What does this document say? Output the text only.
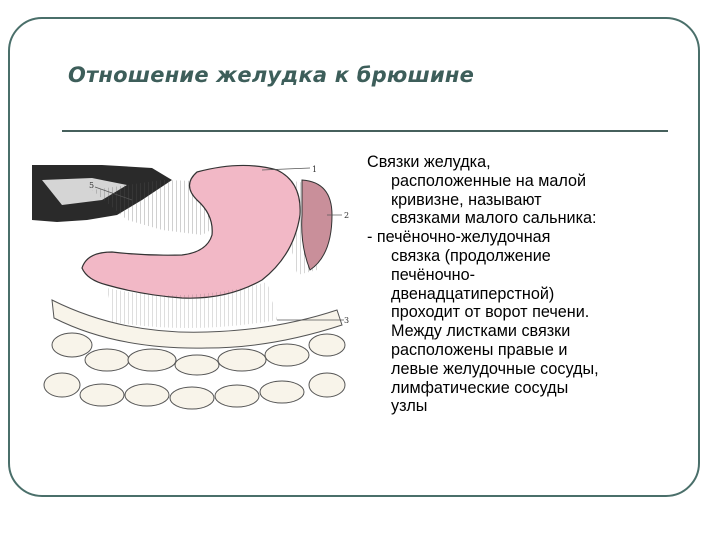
Отношение желудка к брюшине
1
2
3
5

Связки желудка,
расположенные на малой
кривизне, называют
связками малого сальника:

- печёночно-желудочная
связка (продолжение
печёночно-
двенадцатиперстной)
проходит от ворот печени.
Между листками связки
расположены правые и
левые желудочные сосуды,
лимфатические сосуды
узлы
